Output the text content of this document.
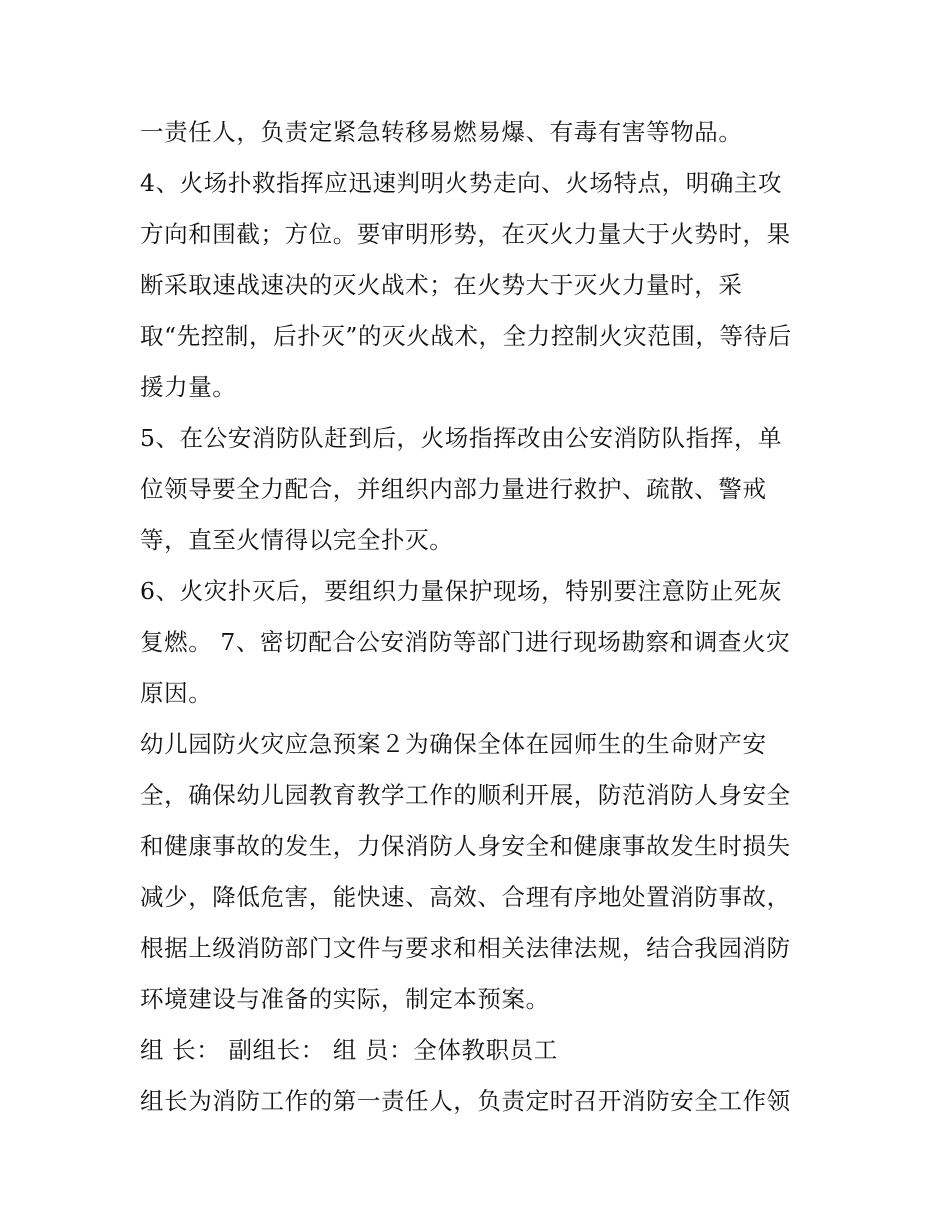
一责任人，负责定紧急转移易燃易爆、有毒有害等物品。
4、火场扑救指挥应迅速判明火势走向、火场特点，明确主攻
方向和围截；方位。要审明形势，在灭火力量大于火势时，果
断采取速战速决的灭火战术；在火势大于灭火力量时，采
取“先控制，后扑灭”的灭火战术，全力控制火灾范围，等待后
援力量。
5、在公安消防队赶到后，火场指挥改由公安消防队指挥，单
位领导要全力配合，并组织内部力量进行救护、疏散、警戒
等，直至火情得以完全扑灭。
6、火灾扑灭后，要组织力量保护现场，特别要注意防止死灰
复燃。 7、密切配合公安消防等部门进行现场勘察和调查火灾
原因。
幼儿园防火灾应急预案２为确保全体在园师生的生命财产安
全，确保幼儿园教育教学工作的顺利开展，防范消防人身安全
和健康事故的发生，力保消防人身安全和健康事故发生时损失
减少，降低危害，能快速、高效、合理有序地处置消防事故，
根据上级消防部门文件与要求和相关法律法规，结合我园消防
环境建设与准备的实际，制定本预案。
组 长： 副组长： 组 员：全体教职员工
组长为消防工作的第一责任人，负责定时召开消防安全工作领
